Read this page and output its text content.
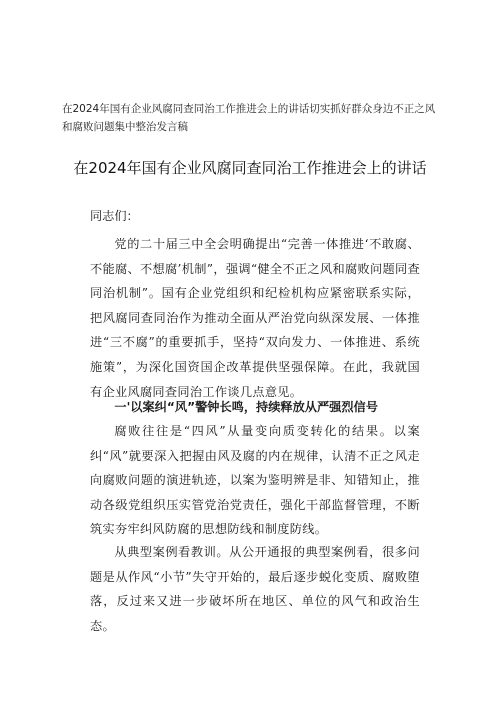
在2024年国有企业风腐同查同治工作推进会上的讲话切实抓好群众身边不正之风和腐败问题集中整治发言稿
在2024年国有企业风腐同查同治工作推进会上的讲话
同志们：

党的二十届三中全会明确提出“完善一体推进‘不敢腐、不能腐、不想腐’机制”，强调“健全不正之风和腐败问题同查同治机制”。国有企业党组织和纪检机构应紧密联系实际，把风腐同查同治作为推动全面从严治党向纵深发展、一体推进“三不腐”的重要抓手，坚持“双向发力、一体推进、系统施策”，为深化国资国企改革提供坚强保障。在此，我就国有企业风腐同查同治工作谈几点意见。

一'以案纠“风”警钟长鸣，持续释放从严强烈信号

腐败往往是“四风”从量变向质变转化的结果。以案纠“风”就要深入把握由风及腐的内在规律，认清不正之风走向腐败问题的演进轨迹，以案为鉴明辨是非、知错知止，推动各级党组织压实管党治党责任，强化干部监督管理，不断筑实夯牢纠风防腐的思想防线和制度防线。

从典型案例看教训。从公开通报的典型案例看，很多问题是从作风“小节”失守开始的，最后逐步蜕化变质、腐败堕落，反过来又进一步破坏所在地区、单位的风气和政治生态。
